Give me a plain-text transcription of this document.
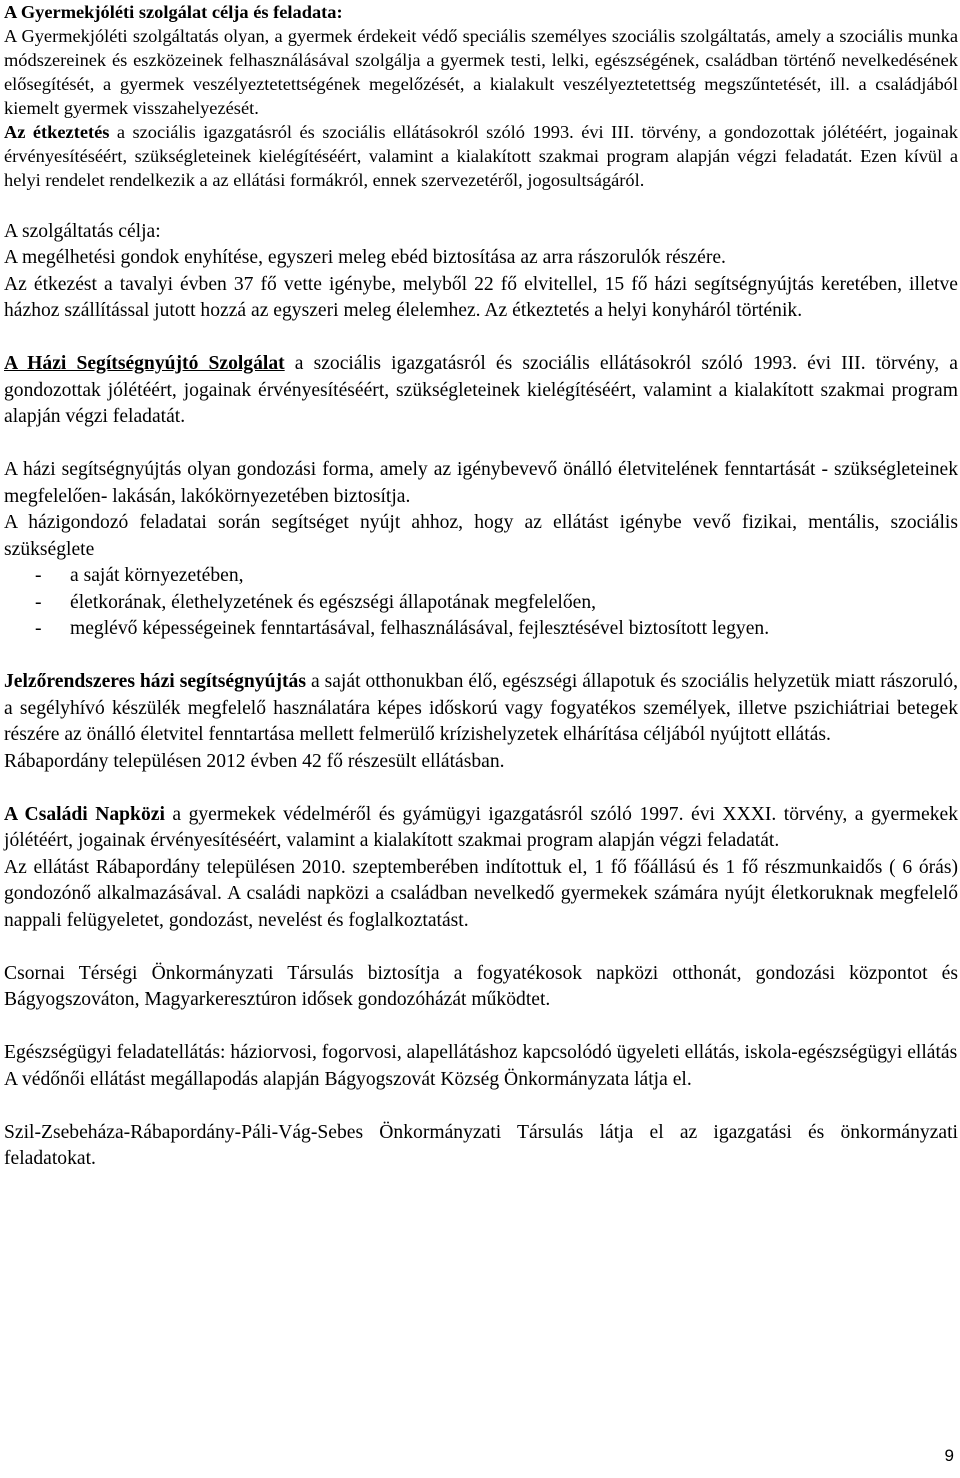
A Gyermekjóléti szolgálat célja és feladata:

A Gyermekjóléti szolgáltatás olyan, a gyermek érdekeit védő speciális személyes szociális szolgáltatás, amely a szociális munka módszereinek és eszközeinek felhasználásával szolgálja a gyermek testi, lelki, egészségének, családban történő nevelkedésének elősegítését, a gyermek veszélyeztetettségének megelőzését, a kialakult veszélyeztetettség megszűntetését, ill. a családjából kiemelt gyermek visszahelyezését.

Az étkeztetés a szociális igazgatásról és szociális ellátásokról szóló 1993. évi III. törvény, a gondozottak jólétéért, jogainak érvényesítéséért, szükségleteinek kielégítéséért, valamint a kialakított szakmai program alapján végzi feladatát. Ezen kívül a helyi rendelet rendelkezik a az ellátási formákról, ennek szervezetéről, jogosultságáról.

A szolgáltatás célja:

A megélhetési gondok enyhítése, egyszeri meleg ebéd biztosítása az arra rászorulók részére.

Az étkezést a tavalyi évben 37 fő vette igénybe, melyből 22 fő elvitellel, 15 fő házi segítségnyújtás keretében, illetve házhoz szállítással jutott hozzá az egyszeri meleg élelemhez. Az étkeztetés a helyi konyháról történik.

A Házi Segítségnyújtó Szolgálat a szociális igazgatásról és szociális ellátásokról szóló 1993. évi III. törvény, a gondozottak jólétéért, jogainak érvényesítéséért, szükségleteinek kielégítéséért, valamint a kialakított szakmai program alapján végzi feladatát.

A házi segítségnyújtás olyan gondozási forma, amely az igénybevevő önálló életvitelének fenntartását - szükségleteinek megfelelően- lakásán, lakókörnyezetében biztosítja.

A házigondozó feladatai során segítséget nyújt ahhoz, hogy az ellátást igénybe vevő fizikai, mentális, szociális szükséglete

- a saját környezetében,
- életkorának, élethelyzetének és egészségi állapotának megfelelően,
- meglévő képességeinek fenntartásával, felhasználásával, fejlesztésével biztosított legyen.

Jelzőrendszeres házi segítségnyújtás a saját otthonukban élő, egészségi állapotuk és szociális helyzetük miatt rászoruló, a segélyhívó készülék megfelelő használatára képes időskorú vagy fogyatékos személyek, illetve pszichiátriai betegek részére az önálló életvitel fenntartása mellett felmerülő krízishelyzetek elhárítása céljából nyújtott ellátás.

Rábapordány településen 2012 évben 42 fő részesült ellátásban.

A Családi Napközi a gyermekek védelméről és gyámügyi igazgatásról szóló 1997. évi XXXI. törvény, a gyermekek jólétéért, jogainak érvényesítéséért, valamint a kialakított szakmai program alapján végzi feladatát.

Az ellátást Rábapordány településen 2010. szeptemberében indítottuk el, 1 fő főállású és 1 fő részmunkaidős ( 6 órás) gondozónő alkalmazásával. A családi napközi a családban nevelkedő gyermekek számára nyújt életkoruknak megfelelő nappali felügyeletet, gondozást, nevelést és foglalkoztatást.

Csornai Térségi Önkormányzati Társulás biztosítja a fogyatékosok napközi otthonát, gondozási központot és Bágyogszováton, Magyarkeresztúron idősek gondozóházát működtet.

Egészségügyi feladatellátás: háziorvosi, fogorvosi, alapellátáshoz kapcsolódó ügyeleti ellátás, iskola-egészségügyi ellátás

A védőnői ellátást megállapodás alapján Bágyogszovát Község Önkormányzata látja el.

Szil-Zsebeháza-Rábapordány-Páli-Vág-Sebes Önkormányzati Társulás látja el az igazgatási és önkormányzati feladatokat.

9
